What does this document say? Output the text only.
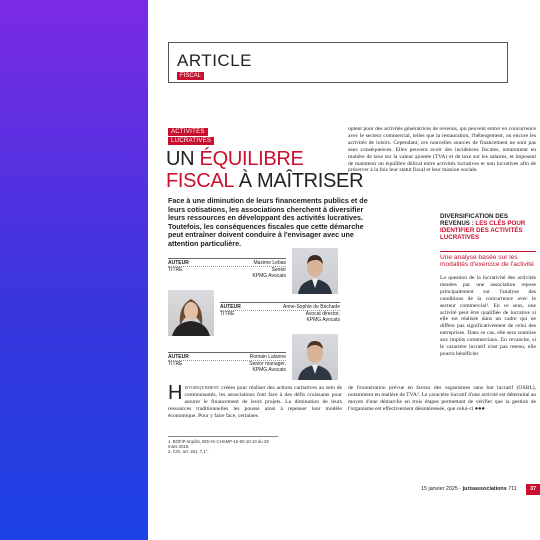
ARTICLE
FISCAL
ACTIVITÉS
LUCRATIVES
UN ÉQUILIBRE
FISCAL À MAÎTRISER
Face à une diminution de leurs financements publics et de leurs cotisations, les associations cherchent à diversifier leurs ressources en développant des activités lucratives. Toutefois, les conséquences fiscales que cette démarche peut entraîner doivent conduire à l'envisager avec une attention particulière.
AUTEUR	Maxime Lebas
TITRE	Senior
KPMG Avocats
AUTEUR	Anne-Sophie de Béchade
TITRE	Avocat director,
KPMG Avocats
AUTEUR	Romain Lalanne
TITRE	Senior manager,
KPMG Avocats
Historiquement créées pour réaliser des actions caritatives au sein de communautés, les associations font face à des défis croissants pour assurer le financement de leurs projets. La diminution de leurs ressources traditionnelles les pousse ainsi à repenser leur modèle économique. Pour y faire face, certaines
1. BOFiP-Impôts, BOI-IS-CHAMP-10-50-10-10 du 28 mars 2018.
2. CGI, art. 261, 7,1°.
optent pour des activités génératrices de revenus, qui peuvent entrer en concurrence avec le secteur commercial, telles que la restauration, l'hébergement, ou encore les activités de loisirs. Cependant, ces nouvelles sources de financement ne sont pas sans conséquences. Elles peuvent avoir des incidences fiscales, notamment en matière de taxe sur la valeur ajoutée (TVA) et de taxe sur les salaires, et imposent de maintenir un équilibre délicat entre activités lucratives et non lucratives afin de préserver à la fois leur statut fiscal et leur mission sociale.
DIVERSIFICATION DES REVENUS : LES CLÉS POUR IDENTIFIER DES ACTIVITÉS LUCRATIVES
Une analyse basée sur les modalités d'exercice de l'activité
La question de la lucrativité des activités menées par une association repose principalement sur l'analyse des conditions de la concurrence avec le secteur commercial¹. En ce sens, une activité peut être qualifiée de lucrative si elle est réalisée dans un cadre qui ne diffère pas significativement de celui des entreprises. Dans ce cas, elle sera soumise aux impôts commerciaux. En revanche, si le caractère lucratif n'est pas retenu, elle pourra bénéficier
de l'exonération prévue en faveur des organismes sans but lucratif (OSBL), notamment en matière de TVA². Le caractère lucratif d'une activité est déterminé au moyen d'une démarche en trois étapes permettant de vérifier que la gestion de l'organisme est effectivement désintéressée, que celui-ci ●●●
15 janvier 2025 - jurisassociations 711	37
